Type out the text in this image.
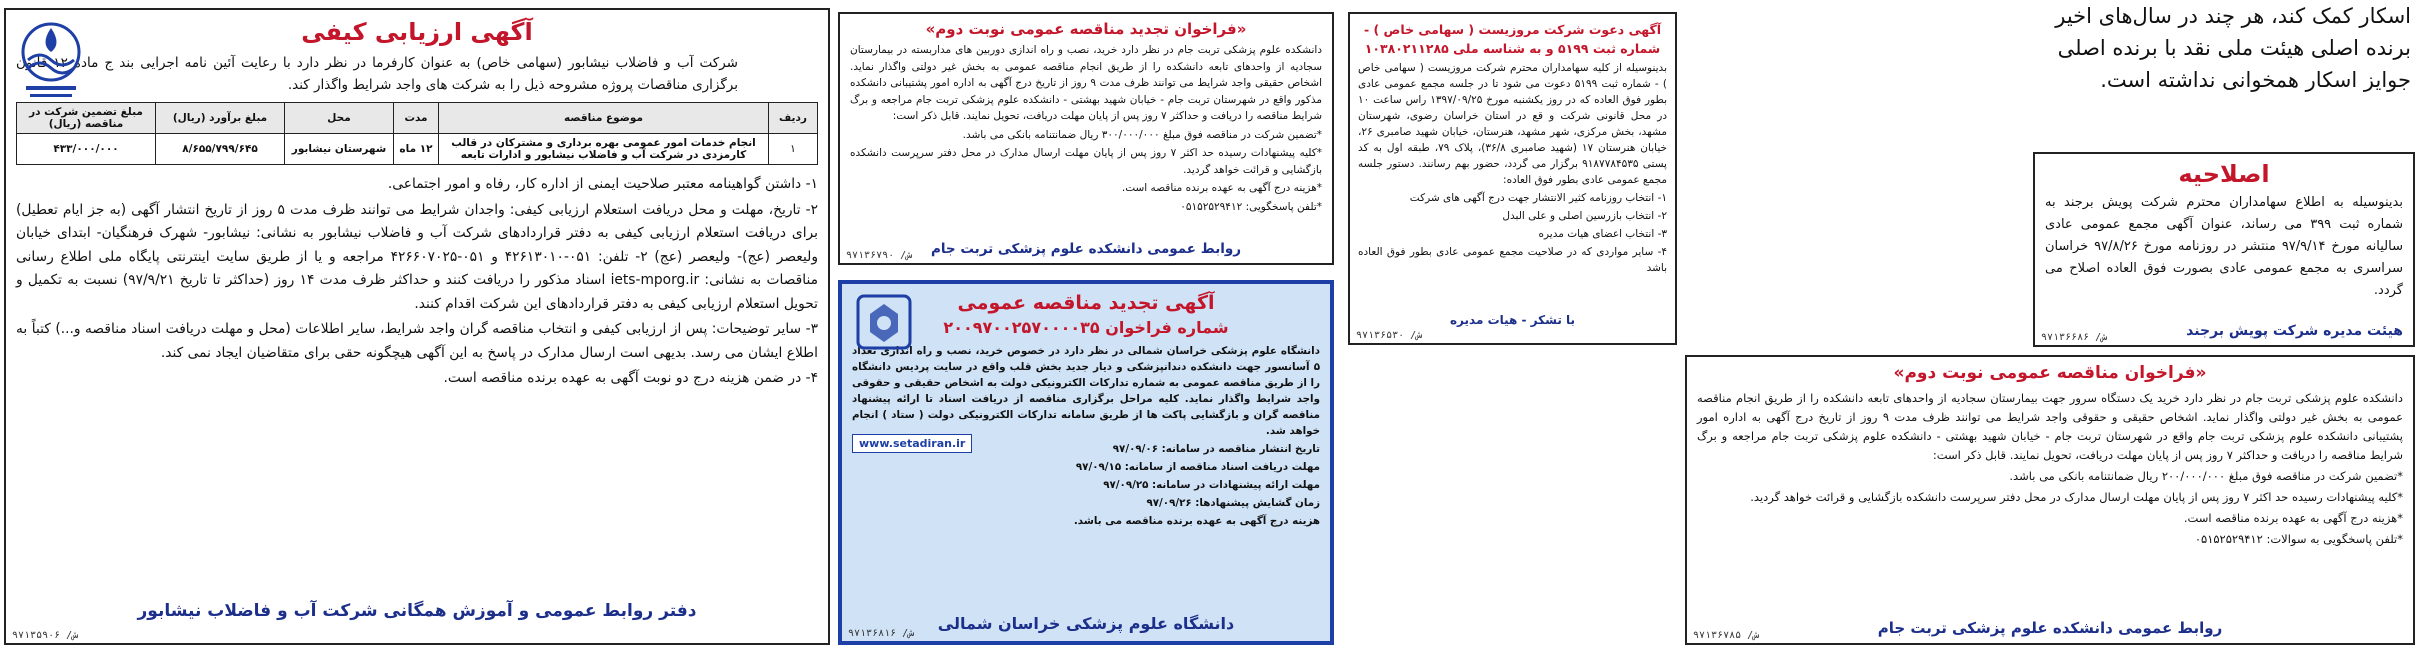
اسکار کمک کند، هر چند در سال‌های اخیر
برنده اصلی هیئت ملی نقد با برنده اصلی
جوایز اسکار همخوانی نداشته است.
اصلاحیه
بدینوسیله به اطلاع سهامداران محترم شرکت پویش برجند به شماره ثبت ۳۹۹ می رساند، عنوان آگهی مجمع عمومی عادی سالیانه مورخ ۹۷/۹/۱۴ منتشر در روزنامه مورخ ۹۷/۸/۲۶ خراسان سراسری به مجمع عمومی عادی بصورت فوق العاده اصلاح می گردد.
هیئت مدیره شرکت پویش برجند
۹۷۱۳۶۶۸۶ /ش
«فراخوان مناقصه عمومی نوبت دوم»

دانشکده علوم پزشکی تربت جام در نظر دارد خرید یک دستگاه سرور جهت بیمارستان سجادیه از واحدهای تابعه دانشکده را از طریق انجام مناقصه عمومی به بخش غیر دولتی واگذار نماید. اشخاص حقیقی و حقوقی واجد شرایط می توانند ظرف مدت ۹ روز از تاریخ درج آگهی به اداره امور پشتیبانی دانشکده علوم پزشکی تربت جام واقع در شهرستان تربت جام - خیابان شهید بهشتی - دانشکده علوم پزشکی تربت جام مراجعه و برگ شرایط مناقصه را دریافت و حداکثر ۷ روز پس از پایان مهلت دریافت، تحویل نمایند. قابل ذکر است:

*تضمین شرکت در مناقصه فوق مبلغ ۲۰۰/۰۰۰/۰۰۰ ریال ضمانتنامه بانکی می باشد.

*کلیه پیشنهادات رسیده حد اکثر ۷ روز پس از پایان مهلت ارسال مدارک در محل دفتر سرپرست دانشکده بازگشایی و قرائت خواهد گردید.

*هزینه درج آگهی به عهده برنده مناقصه است.

*تلفن پاسخگویی به سوالات: ۰۵۱۵۲۵۲۹۴۱۲

روابط عمومی دانشکده علوم پزشکی تربت جام
۹۷۱۳۶۷۸۵ /ش
آگهی دعوت شرکت مروزیست ( سهامی خاص ) - شماره ثبت ۵۱۹۹ و به شناسه ملی ۱۰۳۸۰۲۱۱۲۸۵

بدینوسیله از کلیه سهامداران محترم شرکت مروزیست ( سهامی خاص ) - شماره ثبت ۵۱۹۹ دعوت می شود تا در جلسه مجمع عمومی عادی بطور فوق العاده که در روز یکشنبه مورخ ۱۳۹۷/۰۹/۲۵ راس ساعت ۱۰ در محل قانونی شرکت و قع در استان خراسان رضوی، شهرستان مشهد، بخش مرکزی، شهر مشهد، هنرستان، خیابان شهید صامبری ۲۶، خیابان هنرستان ۱۷ (شهید صامبری ۳۶/۸)، پلاک ۷۹، طبقه اول به کد پستی ۹۱۸۷۷۸۴۵۳۵ برگزار می گردد، حضور بهم رسانند. دستور جلسه مجمع عمومی عادی بطور فوق العاده:

۱- انتخاب روزنامه کثیر الانتشار جهت درج آگهی های شرکت

۲- انتخاب بازرسین اصلی و علی البدل

۳- انتخاب اعضای هیات مدیره

۴- سایر مواردی که در صلاحیت مجمع عمومی عادی بطور فوق العاده باشد

با تشکر - هیات مدیره
۹۷۱۳۶۵۳۰ /ش
«فراخوان تجدید مناقصه عمومی نوبت دوم»

دانشکده علوم پزشکی تربت جام در نظر دارد خرید، نصب و راه اندازی دوربین های مداربسته در بیمارستان سجادیه از واحدهای تابعه دانشکده را از طریق انجام مناقصه عمومی به بخش غیر دولتی واگذار نماید. اشخاص حقیقی واجد شرایط می توانند ظرف مدت ۹ روز از تاریخ درج آگهی به اداره امور پشتیبانی دانشکده مذکور واقع در شهرستان تربت جام - خیابان شهید بهشتی - دانشکده علوم پزشکی تربت جام مراجعه و برگ شرایط مناقصه را دریافت و حداکثر ۷ روز پس از پایان مهلت دریافت، تحویل نمایند. قابل ذکر است:

*تضمین شرکت در مناقصه فوق مبلغ ۳۰۰/۰۰۰/۰۰۰ ریال ضمانتنامه بانکی می باشد.

*کلیه پیشنهادات رسیده حد اکثر ۷ روز پس از پایان مهلت ارسال مدارک در محل دفتر سرپرست دانشکده بازگشایی و قرائت خواهد گردید.

*هزینه درج آگهی به عهده برنده مناقصه است.

*تلفن پاسخگویی: ۰۵۱۵۲۵۲۹۴۱۲

روابط عمومی دانشکده علوم پزشکی تربت جام
۹۷۱۳۶۷۹۰ /ش
آگهی تجدید مناقصه عمومی
شماره فراخوان ۲۰۰۹۷۰۰۲۵۷۰۰۰۰۳۵
www.setadiran.ir

دانشگاه علوم پزشکی خراسان شمالی در نظر دارد در خصوص خرید، نصب و راه اندازی تعداد ۵ آسانسور جهت دانشکده دندانپزشکی و دیار جدید بخش قلب واقع در سایت پردیس دانشگاه را از طریق مناقصه عمومی به شماره تدارکات الکترونیکی دولت به اشخاص حقیقی و حقوقی واجد شرایط واگذار نماید. کلیه مراحل برگزاری مناقصه از دریافت اسناد تا ارائه پیشنهاد مناقصه گران و بازگشایی پاکت ها از طریق سامانه تدارکات الکترونیکی دولت ( ستاد ) انجام خواهد شد.

تاریخ انتشار مناقصه در سامانه: ۹۷/۰۹/۰۶

مهلت دریافت اسناد مناقصه از سامانه: ۹۷/۰۹/۱۵

مهلت ارائه پیشنهادات در سامانه: ۹۷/۰۹/۲۵

زمان گشایش پیشنهادها: ۹۷/۰۹/۲۶

هزینه درج آگهی به عهده برنده مناقصه می باشد.

دانشگاه علوم پزشکی خراسان شمالی
۹۷۱۳۶۸۱۶ /ش
آگهی ارزیابی کیفی
شرکت آب و فاضلاب نیشابور (سهامی خاص) به عنوان کارفرما در نظر دارد با رعایت آئین نامه اجرایی بند ج ماده ۱۲ قانون برگزاری مناقصات پروژه مشروحه ذیل را به شرکت های واجد شرایط واگذار کند.
ردیف	موضوع مناقصه	مدت	محل	مبلغ برآورد (ریال)	مبلغ تضمین شرکت در مناقصه (ریال)
۱	انجام خدمات امور عمومی بهره برداری و مشترکان در قالب کارمزدی در شرکت آب و فاضلاب نیشابور و ادارات تابعه	۱۲ ماه	شهرستان نیشابور	۸/۶۵۵/۷۹۹/۶۴۵	۴۳۳/۰۰۰/۰۰۰

۱- داشتن گواهینامه معتبر صلاحیت ایمنی از اداره کار، رفاه و امور اجتماعی.

۲- تاریخ، مهلت و محل دریافت استعلام ارزیابی کیفی: واجدان شرایط می توانند ظرف مدت ۵ روز از تاریخ انتشار آگهی (به جز ایام تعطیل) برای دریافت استعلام ارزیابی کیفی به دفتر قراردادهای شرکت آب و فاضلاب نیشابور به نشانی: نیشابور- شهرک فرهنگیان- ابتدای خیابان ولیعصر (عج)- ولیعصر (عج) ۲- تلفن: ۰۵۱-۴۲۶۱۳۰۱۰ و ۰۵۱-۴۲۶۶۰۷۰۲۵ مراجعه و یا از طریق سایت اینترنتی پایگاه ملی اطلاع رسانی مناقصات به نشانی: iets-mporg.ir اسناد مذکور را دریافت کنند و حداکثر ظرف مدت ۱۴ روز (حداکثر تا تاریخ ۹۷/۹/۲۱) نسبت به تکمیل و تحویل استعلام ارزیابی کیفی به دفتر قراردادهای این شرکت اقدام کنند.

۳- سایر توضیحات: پس از ارزیابی کیفی و انتخاب مناقصه گران واجد شرایط، سایر اطلاعات (محل و مهلت دریافت اسناد مناقصه و...) کتباً به اطلاع ایشان می رسد. بدیهی است ارسال مدارک در پاسخ به این آگهی هیچگونه حقی برای متقاضیان ایجاد نمی کند.

۴- در ضمن هزینه درج دو نوبت آگهی به عهده برنده مناقصه است.

دفتر روابط عمومی و آموزش همگانی شرکت آب و فاضلاب نیشابور
۹۷۱۳۵۹۰۶ /ش
